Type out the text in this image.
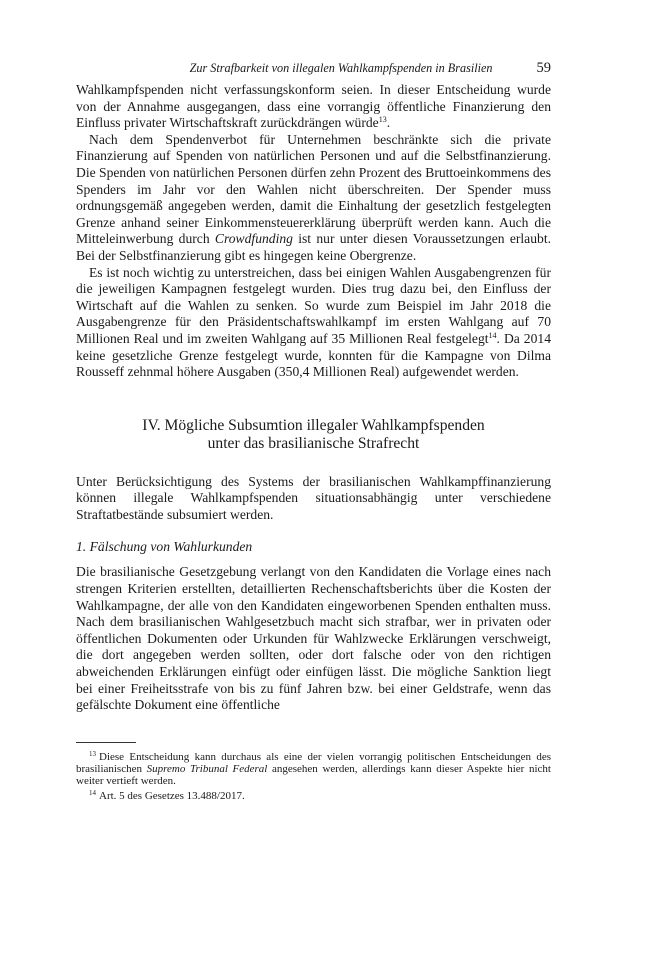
Zur Strafbarkeit von illegalen Wahlkampfspenden in Brasilien	59

Wahlkampfspenden nicht verfassungskonform seien. In dieser Entscheidung wurde von der Annahme ausgegangen, dass eine vorrangig öffentliche Finanzierung den Einfluss privater Wirtschaftskraft zurückdrängen würde$^{13}$.

Nach dem Spendenverbot für Unternehmen beschränkte sich die private Finanzierung auf Spenden von natürlichen Personen und auf die Selbstfinanzierung. Die Spenden von natürlichen Personen dürfen zehn Prozent des Bruttoeinkommens des Spenders im Jahr vor den Wahlen nicht überschreiten. Der Spender muss ordnungsgemäß angegeben werden, damit die Einhaltung der gesetzlich festgelegten Grenze anhand seiner Einkommensteuererklärung überprüft werden kann. Auch die Mitteleinwerbung durch Crowdfunding ist nur unter diesen Voraussetzungen erlaubt. Bei der Selbstfinanzierung gibt es hingegen keine Obergrenze.

Es ist noch wichtig zu unterstreichen, dass bei einigen Wahlen Ausgabengrenzen für die jeweiligen Kampagnen festgelegt wurden. Dies trug dazu bei, den Einfluss der Wirtschaft auf die Wahlen zu senken. So wurde zum Beispiel im Jahr 2018 die Ausgabengrenze für den Präsidentschaftswahlkampf im ersten Wahlgang auf 70 Millionen Real und im zweiten Wahlgang auf 35 Millionen Real festgelegt$^{14}$. Da 2014 keine gesetzliche Grenze festgelegt wurde, konnten für die Kampagne von Dilma Rousseff zehnmal höhere Ausgaben (350,4 Millionen Real) aufgewendet werden.

IV. Mögliche Subsumtion illegaler Wahlkampfspenden
unter das brasilianische Strafrecht

Unter Berücksichtigung des Systems der brasilianischen Wahlkampffinanzierung können illegale Wahlkampfspenden situationsabhängig unter verschiedene Straftatbestände subsumiert werden.

1. Fälschung von Wahlurkunden

Die brasilianische Gesetzgebung verlangt von den Kandidaten die Vorlage eines nach strengen Kriterien erstellten, detaillierten Rechenschaftsberichts über die Kosten der Wahlkampagne, der alle von den Kandidaten eingeworbenen Spenden enthalten muss. Nach dem brasilianischen Wahlgesetzbuch macht sich strafbar, wer in privaten oder öffentlichen Dokumenten oder Urkunden für Wahlzwecke Erklärungen verschweigt, die dort angegeben werden sollten, oder dort falsche oder von den richtigen abweichenden Erklärungen einfügt oder einfügen lässt. Die mögliche Sanktion liegt bei einer Freiheitsstrafe von bis zu fünf Jahren bzw. bei einer Geldstrafe, wenn das gefälschte Dokument eine öffentliche

$^{13}$ Diese Entscheidung kann durchaus als eine der vielen vorrangig politischen Entscheidungen des brasilianischen Supremo Tribunal Federal angesehen werden, allerdings kann dieser Aspekte hier nicht weiter vertieft werden.

$^{14}$ Art. 5 des Gesetzes 13.488/2017.
